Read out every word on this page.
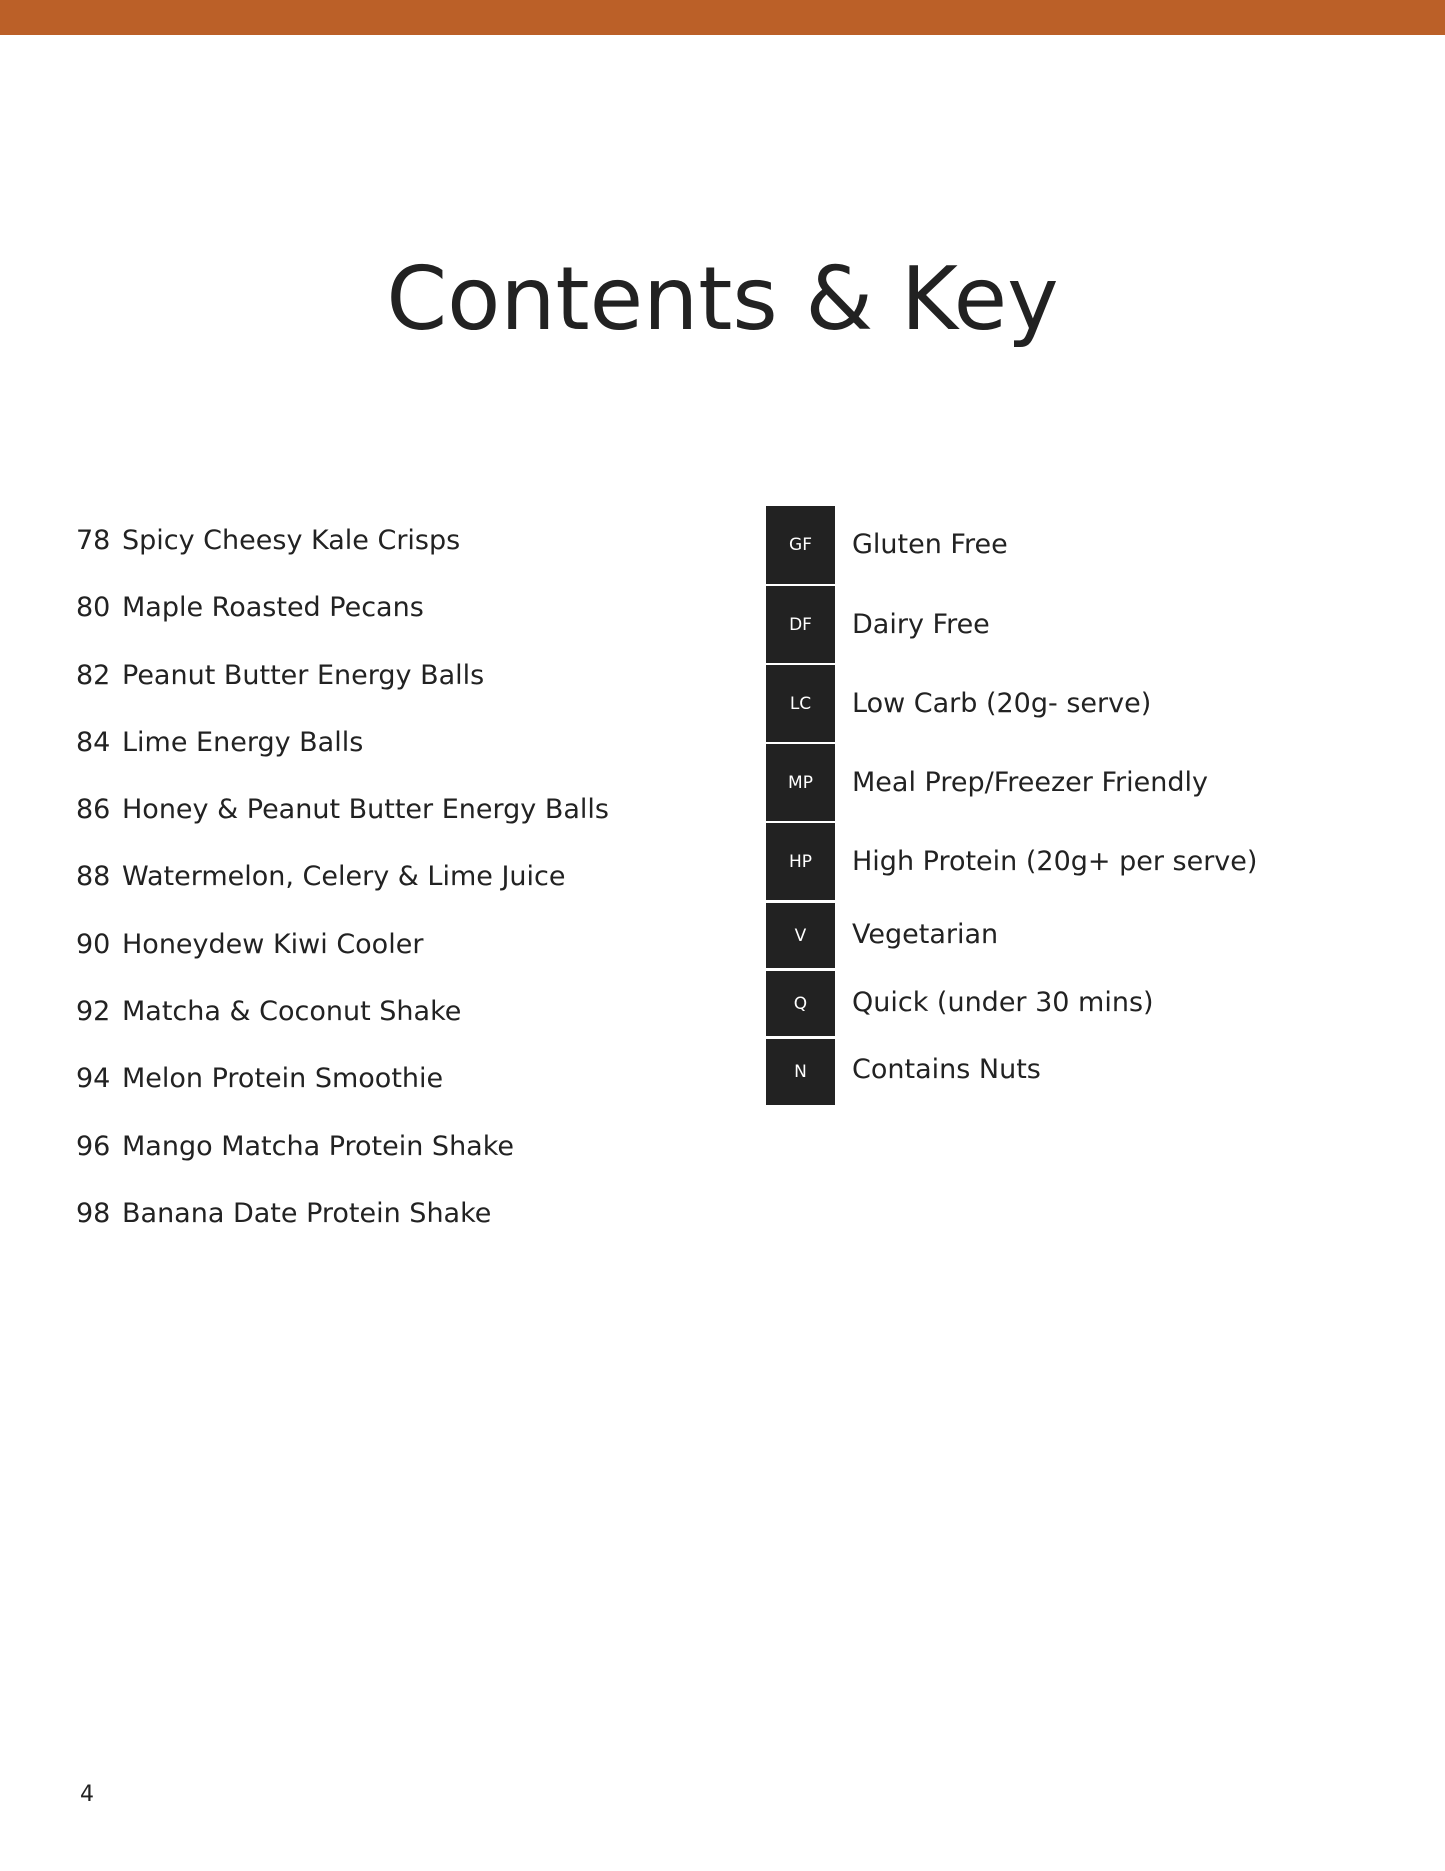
Contents & Key
78 Spicy Cheesy Kale Crisps
80 Maple Roasted Pecans
82 Peanut Butter Energy Balls
84 Lime Energy Balls
86 Honey & Peanut Butter Energy Balls
88 Watermelon, Celery & Lime Juice
90 Honeydew Kiwi Cooler
92 Matcha & Coconut Shake
94 Melon Protein Smoothie
96 Mango Matcha Protein Shake
98 Banana Date Protein Shake
GF	Gluten Free
DF	Dairy Free
LC	Low Carb (20g- serve)
MP	Meal Prep/Freezer Friendly
HP	High Protein (20g+ per serve)
V	Vegetarian
Q	Quick (under 30 mins)
N	Contains Nuts
4
